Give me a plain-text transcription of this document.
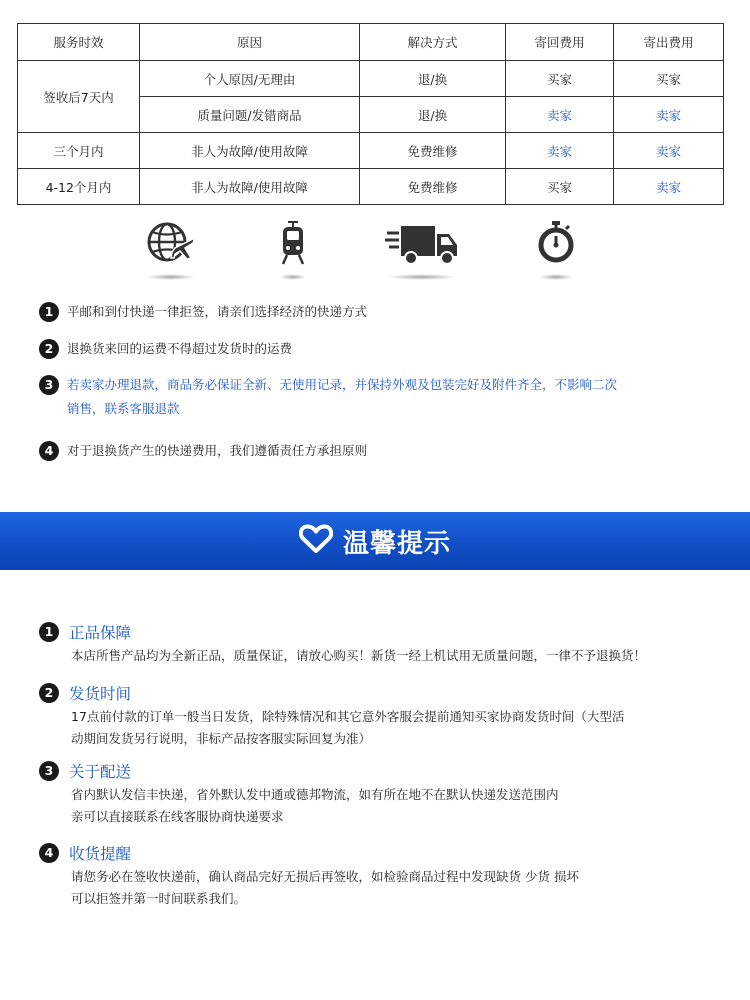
服务时效	原因	解决方式	寄回费用	寄出费用
签收后7天内	个人原因/无理由	退/换	买家	买家
	质量问题/发错商品	退/换	卖家	卖家
三个月内	非人为故障/使用故障	免费维修	卖家	卖家
4-12个月内	非人为故障/使用故障	免费维修	买家	卖家
1	平邮和到付快递一律拒签，请亲们选择经济的快递方式
2	退换货来回的运费不得超过发货时的运费
3	若卖家办理退款，商品务必保证全新、无使用记录，并保持外观及包装完好及附件齐全，不影响二次
销售，联系客服退款
4	对于退换货产生的快递费用，我们遵循责任方承担原则
温馨提示
1	正品保障
本店所售产品均为全新正品，质量保证，请放心购买！新货一经上机试用无质量问题，一律不予退换货！
2	发货时间
17点前付款的订单一般当日发货，除特殊情况和其它意外客服会提前通知买家协商发货时间（大型活
动期间发货另行说明，非标产品按客服实际回复为准）
3	关于配送
省内默认发信丰快递，省外默认发中通或德邦物流，如有所在地不在默认快递发送范围内
亲可以直接联系在线客服协商快递要求
4	收货提醒
请您务必在签收快递前，确认商品完好无损后再签收，如检验商品过程中发现缺货 少货 损坏
可以拒签并第一时间联系我们。
